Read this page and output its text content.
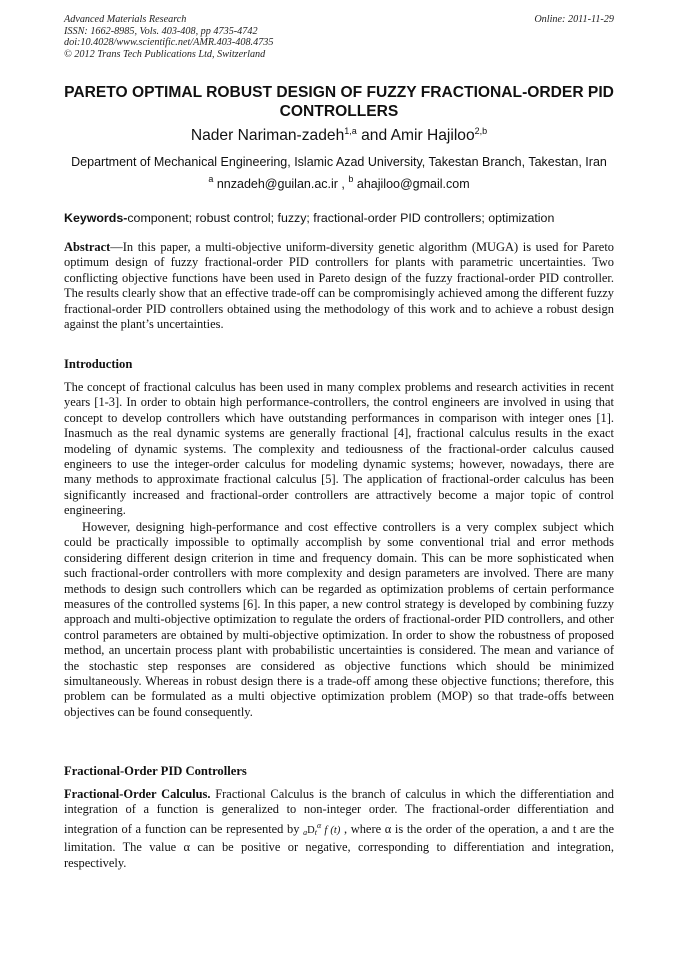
Advanced Materials Research
ISSN: 1662-8985, Vols. 403-408, pp 4735-4742
doi:10.4028/www.scientific.net/AMR.403-408.4735
© 2012 Trans Tech Publications Ltd, Switzerland
Online: 2011-11-29
PARETO OPTIMAL ROBUST DESIGN OF FUZZY FRACTIONAL-ORDER PID CONTROLLERS
Nader Nariman-zadeh$^{1,a}$ and Amir Hajiloo$^{2,b}$
Department of Mechanical Engineering, Islamic Azad University, Takestan Branch, Takestan, Iran
$^a$ nnzadeh@guilan.ac.ir , $^b$ ahajiloo@gmail.com
Keywords-component; robust control; fuzzy; fractional-order PID controllers; optimization

Abstract—In this paper, a multi-objective uniform-diversity genetic algorithm (MUGA) is used for Pareto optimum design of fuzzy fractional-order PID controllers for plants with parametric uncertainties. Two conflicting objective functions have been used in Pareto design of the fuzzy fractional-order PID controller. The results clearly show that an effective trade-off can be compromisingly achieved among the different fuzzy fractional-order PID controllers obtained using the methodology of this work and to achieve a robust design against the plant’s uncertainties.

Introduction

The concept of fractional calculus has been used in many complex problems and research activities in recent years [1-3]. In order to obtain high performance-controllers, the control engineers are involved in using that concept to develop controllers which have outstanding performances in comparison with integer ones [1]. Inasmuch as the real dynamic systems are generally fractional [4], fractional calculus results in the exact modeling of dynamic systems. The complexity and tediousness of the fractional-order calculus caused engineers to use the integer-order calculus for modeling dynamic systems; however, nowadays, there are many methods to approximate fractional calculus [5]. The application of fractional-order calculus has been significantly increased and fractional-order controllers are attractively become a major topic of control engineering.

However, designing high-performance and cost effective controllers is a very complex subject which could be practically impossible to optimally accomplish by some conventional trial and error methods considering different design criterion in time and frequency domain. This can be more sophisticated when such fractional-order controllers with more complexity and design parameters are involved. There are many methods to design such controllers which can be regarded as optimization problems of certain performance measures of the controlled systems [6]. In this paper, a new control strategy is developed by combining fuzzy approach and multi-objective optimization to regulate the orders of fractional-order PID controllers, and other control parameters are obtained by multi-objective optimization. In order to show the robustness of proposed method, an uncertain process plant with probabilistic uncertainties is considered. The mean and variance of the stochastic step responses are considered as objective functions which should be minimized simultaneously. Whereas in robust design there is a trade-off among these objective functions; therefore, this problem can be formulated as a multi objective optimization problem (MOP) so that trade-offs between objectives can be found consequently.

Fractional-Order PID Controllers

Fractional-Order Calculus. Fractional Calculus is the branch of calculus in which the differentiation and integration of a function is generalized to non-integer order. The fractional-order differentiation and integration of a function can be represented by $_aD_t^\alpha$ f (t) , where α is the order of the operation, a and t are the limitation. The value α can be positive or negative, corresponding to differentiation and integration, respectively.
